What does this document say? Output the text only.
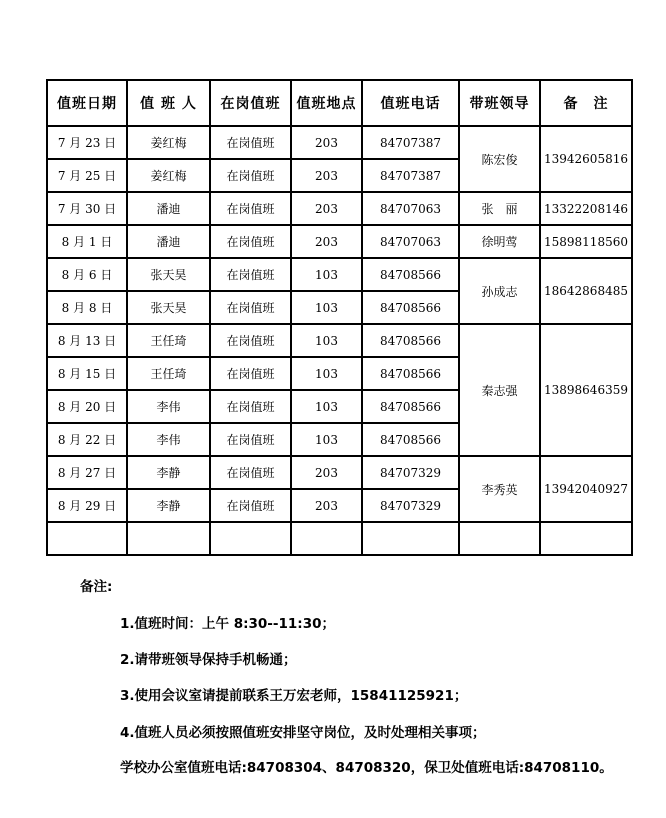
值班日期	值 班 人	在岗值班	值班地点	值班电话	带班领导	备　注
7 月 23 日	姜红梅	在岗值班	203	84707387	陈宏俊	13942605816
7 月 25 日	姜红梅	在岗值班	203	84707387		
7 月 30 日	潘迪	在岗值班	203	84707063	张　丽	13322208146
8 月 1 日	潘迪	在岗值班	203	84707063	徐明莺	15898118560
8 月 6 日	张天昊	在岗值班	103	84708566	孙成志	18642868485
8 月 8 日	张天昊	在岗值班	103	84708566		
8 月 13 日	王任琦	在岗值班	103	84708566	秦志强	13898646359
8 月 15 日	王任琦	在岗值班	103	84708566		
8 月 20 日	李伟	在岗值班	103	84708566		
8 月 22 日	李伟	在岗值班	103	84708566		
8 月 27 日	李静	在岗值班	203	84707329	李秀英	13942040927
8 月 29 日	李静	在岗值班	203	84707329		

备注:
1.值班时间：上午 8:30--11:30；
2.请带班领导保持手机畅通；
3.使用会议室请提前联系王万宏老师，15841125921；
4.值班人员必须按照值班安排坚守岗位，及时处理相关事项；
学校办公室值班电话:84708304、84708320，保卫处值班电话:84708110。
